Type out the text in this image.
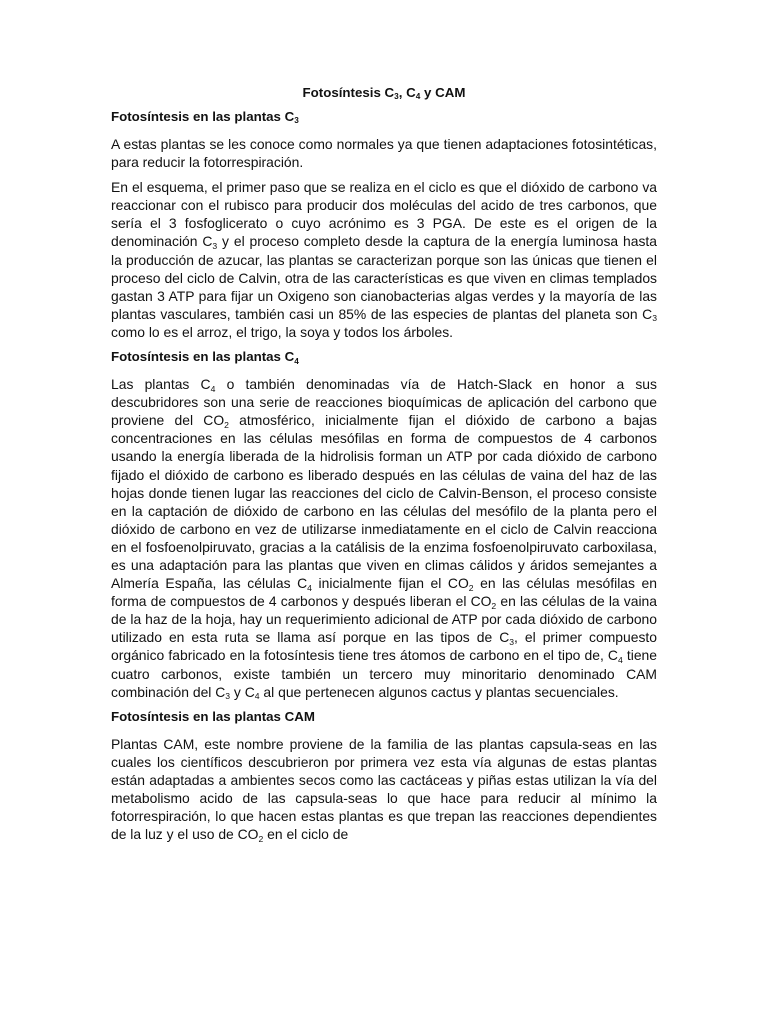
Fotosíntesis $C_3$, $C_4$ y CAM
Fotosíntesis en las plantas $C_3$

A estas plantas se les conoce como normales ya que tienen adaptaciones fotosintéticas, para reducir la fotorrespiración.

En el esquema, el primer paso que se realiza en el ciclo es que el dióxido de carbono va reaccionar con el rubisco para producir dos moléculas del acido de tres carbonos, que sería el 3 fosfoglicerato o cuyo acrónimo es 3 PGA. De este es el origen de la denominación $C_3$ y el proceso completo desde la captura de la energía luminosa hasta la producción de azucar, las plantas se caracterizan porque son las únicas que tienen el proceso del ciclo de Calvin, otra de las características es que viven en climas templados gastan 3 ATP para fijar un Oxigeno son cianobacterias algas verdes y la mayoría de las plantas vasculares, también casi un 85% de las especies de plantas del planeta son $C_3$ como lo es el arroz, el trigo, la soya y todos los árboles.

Fotosíntesis en las plantas $C_4$

Las plantas $C_4$ o también denominadas vía de Hatch-Slack en honor a sus descubridores son una serie de reacciones bioquímicas de aplicación del carbono que proviene del $CO_2$ atmosférico, inicialmente fijan el dióxido de carbono a bajas concentraciones en las células mesófilas en forma de compuestos de 4 carbonos usando la energía liberada de la hidrolisis forman un ATP por cada dióxido de carbono fijado el dióxido de carbono es liberado después en las células de vaina del haz de las hojas donde tienen lugar las reacciones del ciclo de Calvin-Benson, el proceso consiste en la captación de dióxido de carbono en las células del mesófilo de la planta pero el dióxido de carbono en vez de utilizarse inmediatamente en el ciclo de Calvin reacciona en el fosfoenolpiruvato, gracias a la catálisis de la enzima fosfoenolpiruvato carboxilasa, es una adaptación para las plantas que viven en climas cálidos y áridos semejantes a Almería España, las células $C_4$ inicialmente fijan el $CO_2$ en las células mesófilas en forma de compuestos de 4 carbonos y después liberan el $CO_2$ en las células de la vaina de la haz de la hoja, hay un requerimiento adicional de ATP por cada dióxido de carbono utilizado en esta ruta se llama así porque en las tipos de $C_3$, el primer compuesto orgánico fabricado en la fotosíntesis tiene tres átomos de carbono en el tipo de, $C_4$ tiene cuatro carbonos, existe también un tercero muy minoritario denominado CAM combinación del $C_3$ y $C_4$ al que pertenecen algunos cactus y plantas secuenciales.

Fotosíntesis en las plantas CAM

Plantas CAM, este nombre proviene de la familia de las plantas capsula-seas en las cuales los científicos descubrieron por primera vez esta vía algunas de estas plantas están adaptadas a ambientes secos como las cactáceas y piñas estas utilizan la vía del metabolismo acido de las capsula-seas lo que hace para reducir al mínimo la fotorrespiración, lo que hacen estas plantas es que trepan las reacciones dependientes de la luz y el uso de $CO_2$ en el ciclo de
